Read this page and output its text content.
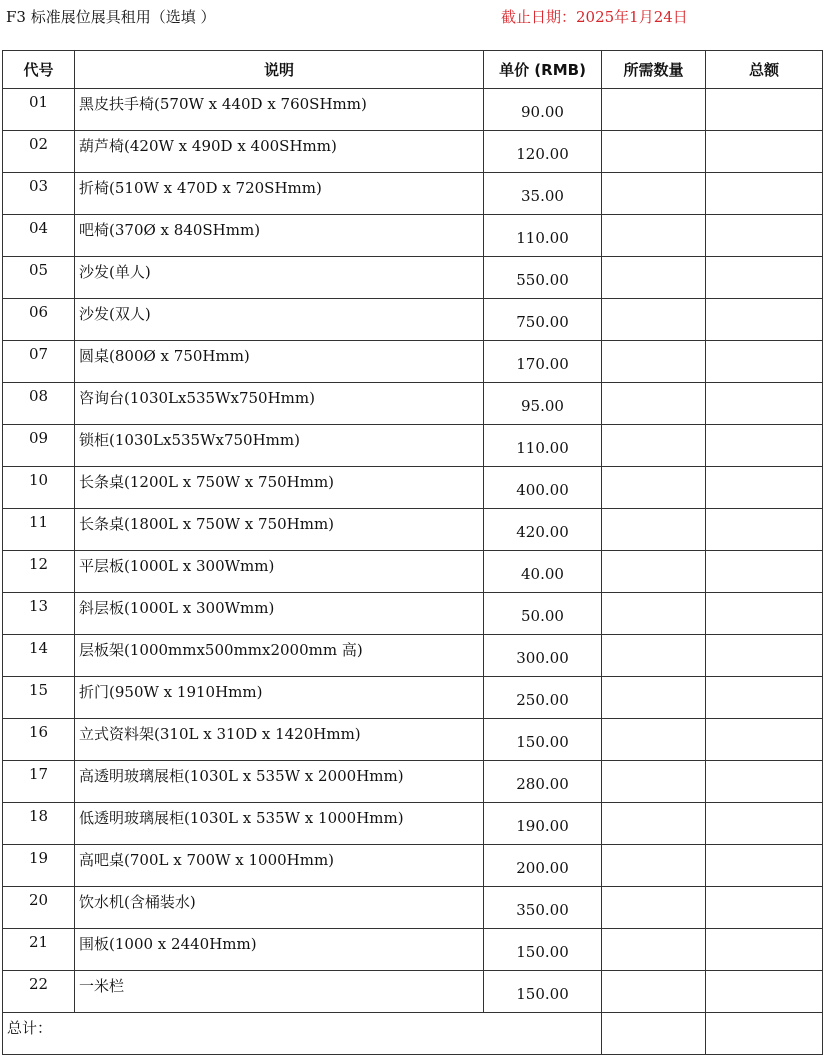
F3 标准展位展具租用（选填 ）	截止日期：2025年1月24日
代号	说明	单价 (RMB)	所需数量	总额
01	黑皮扶手椅(570W x 440D x 760SHmm)	90.00		
02	葫芦椅(420W x 490D x 400SHmm)	120.00		
03	折椅(510W x 470D x 720SHmm)	35.00		
04	吧椅(370Ø x 840SHmm)	110.00		
05	沙发(单人)	550.00		
06	沙发(双人)	750.00		
07	圆桌(800Ø x 750Hmm)	170.00		
08	咨询台(1030Lx535Wx750Hmm)	95.00		
09	锁柜(1030Lx535Wx750Hmm)	110.00		
10	长条桌(1200L x 750W x 750Hmm)	400.00		
11	长条桌(1800L x 750W x 750Hmm)	420.00		
12	平层板(1000L x 300Wmm)	40.00		
13	斜层板(1000L x 300Wmm)	50.00		
14	层板架(1000mmx500mmx2000mm 高)	300.00		
15	折门(950W x 1910Hmm)	250.00		
16	立式资料架(310L x 310D x 1420Hmm)	150.00		
17	高透明玻璃展柜(1030L x 535W x 2000Hmm)	280.00		
18	低透明玻璃展柜(1030L x 535W x 1000Hmm)	190.00		
19	高吧桌(700L x 700W x 1000Hmm)	200.00		
20	饮水机(含桶装水)	350.00		
21	围板(1000 x 2440Hmm)	150.00		
22	一米栏	150.00		
总计：				
